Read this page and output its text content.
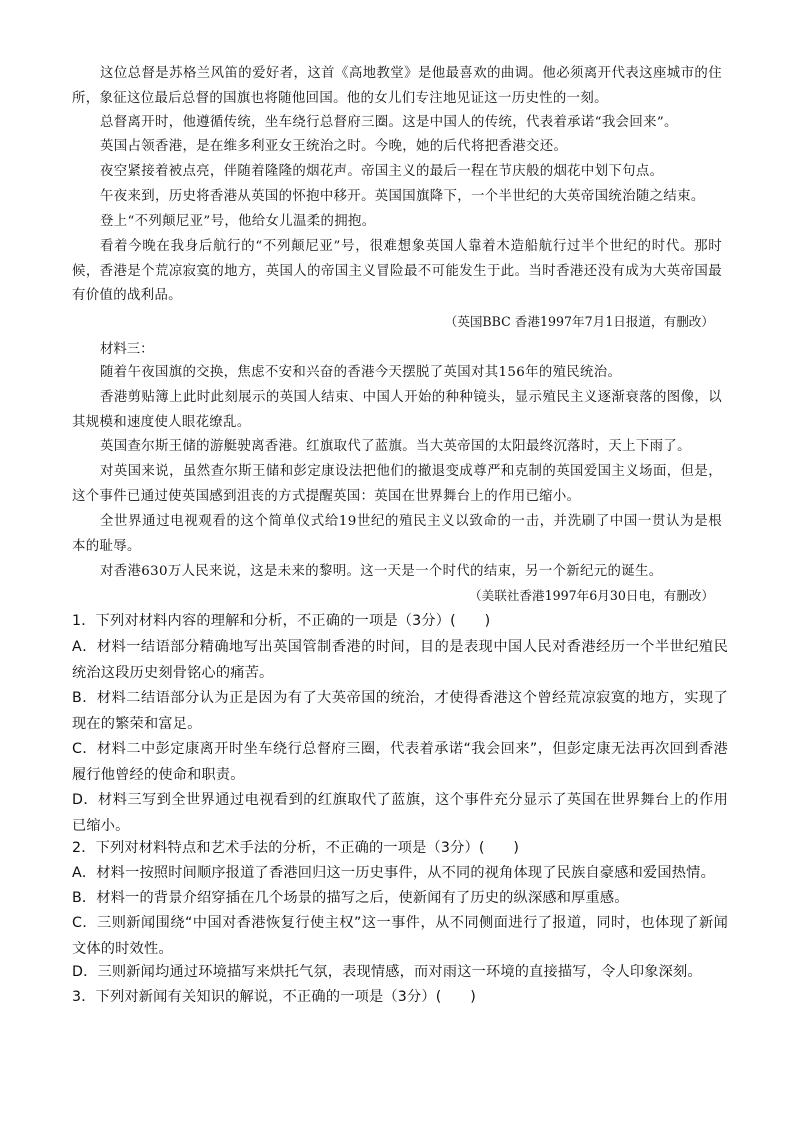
这位总督是苏格兰风笛的爱好者，这首《高地教堂》是他最喜欢的曲调。他必须离开代表这座城市的住所，象征这位最后总督的国旗也将随他回国。他的女儿们专注地见证这一历史性的一刻。

总督离开时，他遵循传统，坐车绕行总督府三圈。这是中国人的传统，代表着承诺“我会回来”。

英国占领香港，是在维多利亚女王统治之时。今晚，她的后代将把香港交还。

夜空紧接着被点亮，伴随着隆隆的烟花声。帝国主义的最后一程在节庆般的烟花中划下句点。

午夜来到，历史将香港从英国的怀抱中移开。英国国旗降下，一个半世纪的大英帝国统治随之结束。

登上“不列颠尼亚”号，他给女儿温柔的拥抱。

看着今晚在我身后航行的“不列颠尼亚”号，很难想象英国人靠着木造船航行过半个世纪的时代。那时候，香港是个荒凉寂寞的地方，英国人的帝国主义冒险最不可能发生于此。当时香港还没有成为大英帝国最有价值的战利品。

（英国BBC 香港1997年7月1日报道，有删改）

材料三：

随着午夜国旗的交换，焦虑不安和兴奋的香港今天摆脱了英国对其156年的殖民统治。

香港剪贴簿上此时此刻展示的英国人结束、中国人开始的种种镜头，显示殖民主义逐渐衰落的图像，以其规模和速度使人眼花缭乱。

英国查尔斯王储的游艇驶离香港。红旗取代了蓝旗。当大英帝国的太阳最终沉落时，天上下雨了。

对英国来说，虽然查尔斯王储和彭定康设法把他们的撤退变成尊严和克制的英国爱国主义场面，但是，这个事件已通过使英国感到沮丧的方式提醒英国：英国在世界舞台上的作用已缩小。

全世界通过电视观看的这个简单仪式给19世纪的殖民主义以致命的一击，并洗刷了中国一贯认为是根本的耻辱。

对香港630万人民来说，这是未来的黎明。这一天是一个时代的结束，另一个新纪元的诞生。

（美联社香港1997年6月30日电，有删改）

1．下列对材料内容的理解和分析，不正确的一项是（3分）(　　)

A．材料一结语部分精确地写出英国管制香港的时间，目的是表现中国人民对香港经历一个半世纪殖民统治这段历史刻骨铭心的痛苦。

B．材料二结语部分认为正是因为有了大英帝国的统治，才使得香港这个曾经荒凉寂寞的地方，实现了现在的繁荣和富足。

C．材料二中彭定康离开时坐车绕行总督府三圈，代表着承诺“我会回来”，但彭定康无法再次回到香港履行他曾经的使命和职责。

D．材料三写到全世界通过电视看到的红旗取代了蓝旗，这个事件充分显示了英国在世界舞台上的作用已缩小。

2．下列对材料特点和艺术手法的分析，不正确的一项是（3分）(　　)

A．材料一按照时间顺序报道了香港回归这一历史事件，从不同的视角体现了民族自豪感和爱国热情。

B．材料一的背景介绍穿插在几个场景的描写之后，使新闻有了历史的纵深感和厚重感。

C．三则新闻围绕“中国对香港恢复行使主权”这一事件，从不同侧面进行了报道，同时，也体现了新闻文体的时效性。

D．三则新闻均通过环境描写来烘托气氛，表现情感，而对雨这一环境的直接描写，令人印象深刻。

3．下列对新闻有关知识的解说，不正确的一项是（3分）(　　)
